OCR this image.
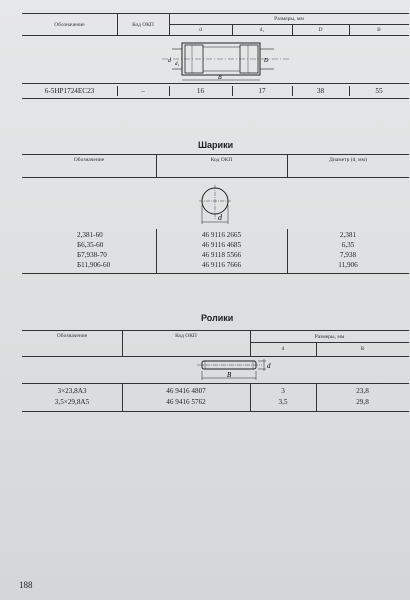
Обозначение	Код ОКП
Размеры, мм
d	d₁	D	B
d
d₁
D
B
6-5НР1724ЕС23	–	16	17	38	55
Шарики
Обозначение	Код ОКП	Диаметр (d, мм)
d
2,381-60	46 9116 2665	2,381
Б6,35-60	46 9116 4685	6,35
Б7,938-70	46 9118 5566	7,938
Б11,906-60	46 9116 7666	11,906
Ролики
Обозначение	Код ОКП	Размеры, мм
d	B
B
d
3×23,8А3	46 9416 4807	3	23,8
3,5×29,8А5	46 9416 5762	3,5	29,8
188
